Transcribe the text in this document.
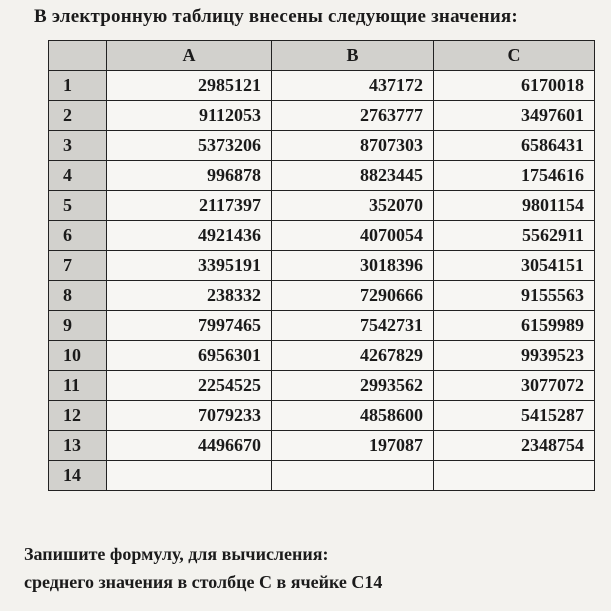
В электронную таблицу внесены следующие значения:
	A	B	C
1	2985121	437172	6170018
2	9112053	2763777	3497601
3	5373206	8707303	6586431
4	996878	8823445	1754616
5	2117397	352070	9801154
6	4921436	4070054	5562911
7	3395191	3018396	3054151
8	238332	7290666	9155563
9	7997465	7542731	6159989
10	6956301	4267829	9939523
11	2254525	2993562	3077072
12	7079233	4858600	5415287
13	4496670	197087	2348754
14			
Запишите формулу, для вычисления:
среднего значения в столбце С в ячейке С14
